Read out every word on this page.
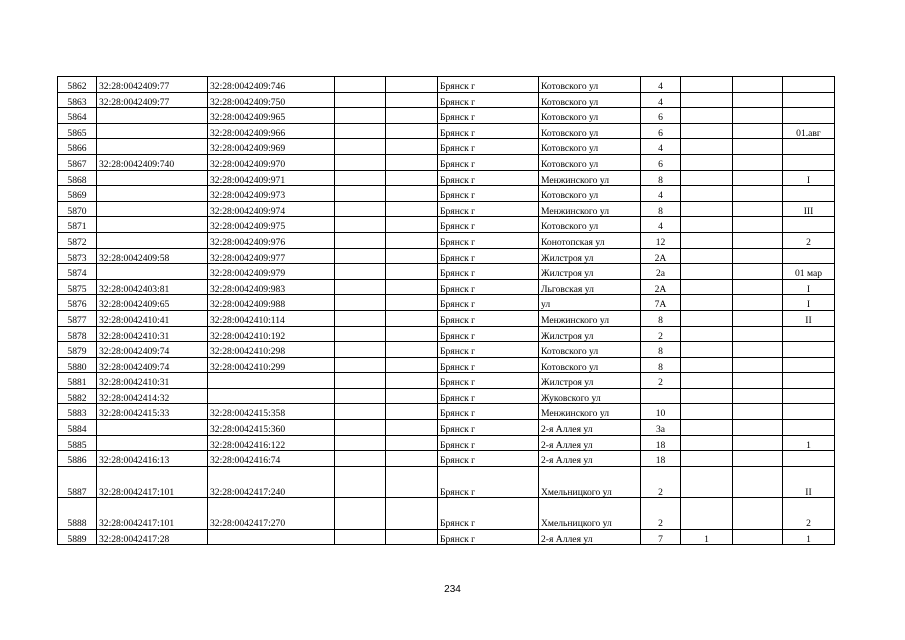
5862	32:28:0042409:77	32:28:0042409:746			Брянск г	Котовского ул	4			
5863	32:28:0042409:77	32:28:0042409:750			Брянск г	Котовского ул	4			
5864		32:28:0042409:965			Брянск г	Котовского ул	6			
5865		32:28:0042409:966			Брянск г	Котовского ул	6			01.авг
5866		32:28:0042409:969			Брянск г	Котовского ул	4			
5867	32:28:0042409:740	32:28:0042409:970			Брянск г	Котовского ул	6			
5868		32:28:0042409:971			Брянск г	Менжинского ул	8			I
5869		32:28:0042409:973			Брянск г	Котовского ул	4			
5870		32:28:0042409:974			Брянск г	Менжинского ул	8			III
5871		32:28:0042409:975			Брянск г	Котовского ул	4			
5872		32:28:0042409:976			Брянск г	Конотопская ул	12			2
5873	32:28:0042409:58	32:28:0042409:977			Брянск г	Жилстроя ул	2А			
5874		32:28:0042409:979			Брянск г	Жилстроя ул	2а			01 мар
5875	32:28:0042403:81	32:28:0042409:983			Брянск г	Льговская ул	2А			I
5876	32:28:0042409:65	32:28:0042409:988			Брянск г	ул	7А			I
5877	32:28:0042410:41	32:28:0042410:114			Брянск г	Менжинского ул	8			II
5878	32:28:0042410:31	32:28:0042410:192			Брянск г	Жилстроя ул	2			
5879	32:28:0042409:74	32:28:0042410:298			Брянск г	Котовского ул	8			
5880	32:28:0042409:74	32:28:0042410:299			Брянск г	Котовского ул	8			
5881	32:28:0042410:31				Брянск г	Жилстроя ул	2			
5882	32:28:0042414:32				Брянск г	Жуковского ул				
5883	32:28:0042415:33	32:28:0042415:358			Брянск г	Менжинского ул	10			
5884		32:28:0042415:360			Брянск г	2-я Аллея ул	3а			
5885		32:28:0042416:122			Брянск г	2-я Аллея ул	18			1
5886	32:28:0042416:13	32:28:0042416:74			Брянск г	2-я Аллея ул	18			
5887	32:28:0042417:101	32:28:0042417:240			Брянск г	Хмельницкого ул	2			II
5888	32:28:0042417:101	32:28:0042417:270			Брянск г	Хмельницкого ул	2			2
5889	32:28:0042417:28				Брянск г	2-я Аллея ул	7	1		1
234
